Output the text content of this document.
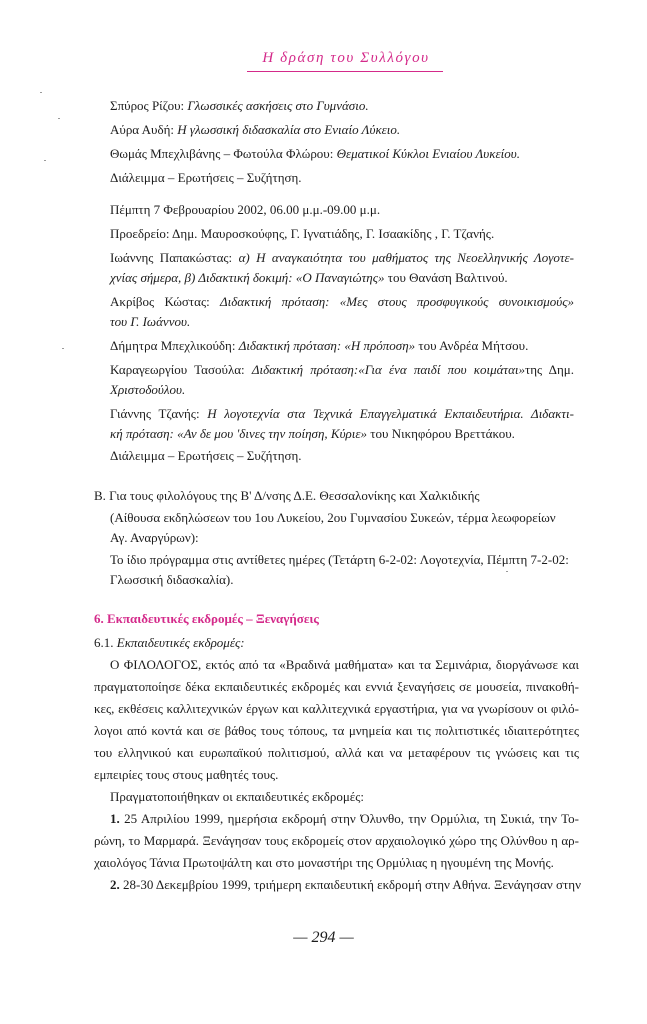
Η δράση του Συλλόγου
Σπύρος Ρίζου: Γλωσσικές ασκήσεις στο Γυμνάσιο.
Αύρα Αυδή: Η γλωσσική διδασκαλία στο Ενιαίο Λύκειο.
Θωμάς Μπεχλιβάνης – Φωτούλα Φλώρου: Θεματικοί Κύκλοι Ενιαίου Λυκείου.
Διάλειμμα – Ερωτήσεις – Συζήτηση.
Πέμπτη 7 Φεβρουαρίου 2002, 06.00 μ.μ.-09.00 μ.μ.
Προεδρείο: Δημ. Μαυροσκούφης, Γ. Ιγνατιάδης, Γ. Ισαακίδης , Γ. Τζανής.
Ιωάννης Παπακώστας: α) Η αναγκαιότητα του μαθήματος της Νεοελληνικής Λογοτε-
χνίας σήμερα, β) Διδακτική δοκιμή: «Ο Παναγιώτης» του Θανάση Βαλτινού.
Ακρίβος Κώστας: Διδακτική πρόταση: «Μες στους προσφυγικούς συνοικισμούς»
του Γ. Ιωάννου.
Δήμητρα Μπεχλικούδη: Διδακτική πρόταση: «Η πρόποση» του Ανδρέα Μήτσου.
Καραγεωργίου Τασούλα: Διδακτική πρόταση:«Για ένα παιδί που κοιμάται»της Δημ.
Χριστοδούλου.
Γιάννης Τζανής: Η λογοτεχνία στα Τεχνικά Επαγγελματικά Εκπαιδευτήρια. Διδακτι-
κή πρόταση: «Αν δε μου 'δινες την ποίηση, Κύριε» του Νικηφόρου Βρεττάκου.
Διάλειμμα – Ερωτήσεις – Συζήτηση.
Β. Για τους φιλολόγους της Β' Δ/νσης Δ.Ε. Θεσσαλονίκης και Χαλκιδικής
(Αίθουσα εκδηλώσεων του 1ου Λυκείου, 2ου Γυμνασίου Συκεών, τέρμα λεωφορείων
Αγ. Αναργύρων):
Το ίδιο πρόγραμμα στις αντίθετες ημέρες (Τετάρτη 6-2-02: Λογοτεχνία, Πέμπτη 7-2-02:
Γλωσσική διδασκαλία).
6. Εκπαιδευτικές εκδρομές – Ξεναγήσεις
6.1. Εκπαιδευτικές εκδρομές:
Ο ΦΙΛΟΛΟΓΟΣ, εκτός από τα «Βραδινά μαθήματα» και τα Σεμινάρια, διοργάνωσε και
πραγματοποίησε δέκα εκπαιδευτικές εκδρομές και εννιά ξεναγήσεις σε μουσεία, πινακοθή-
κες, εκθέσεις καλλιτεχνικών έργων και καλλιτεχνικά εργαστήρια, για να γνωρίσουν οι φιλό-
λογοι από κοντά και σε βάθος τους τόπους, τα μνημεία και τις πολιτιστικές ιδιαιτερότητες
του ελληνικού και ευρωπαϊκού πολιτισμού, αλλά και να μεταφέρουν τις γνώσεις και τις
εμπειρίες τους στους μαθητές τους.
Πραγματοποιήθηκαν οι εκπαιδευτικές εκδρομές:
1. 25 Απριλίου 1999, ημερήσια εκδρομή στην Όλυνθο, την Ορμύλια, τη Συκιά, την Το-
ρώνη, το Μαρμαρά. Ξενάγησαν τους εκδρομείς στον αρχαιολογικό χώρο της Ολύνθου η αρ-
χαιολόγος Τάνια Πρωτοψάλτη και στο μοναστήρι της Ορμύλιας η ηγουμένη της Μονής.
2. 28-30 Δεκεμβρίου 1999, τριήμερη εκπαιδευτική εκδρομή στην Αθήνα. Ξενάγησαν στην
— 294 —
